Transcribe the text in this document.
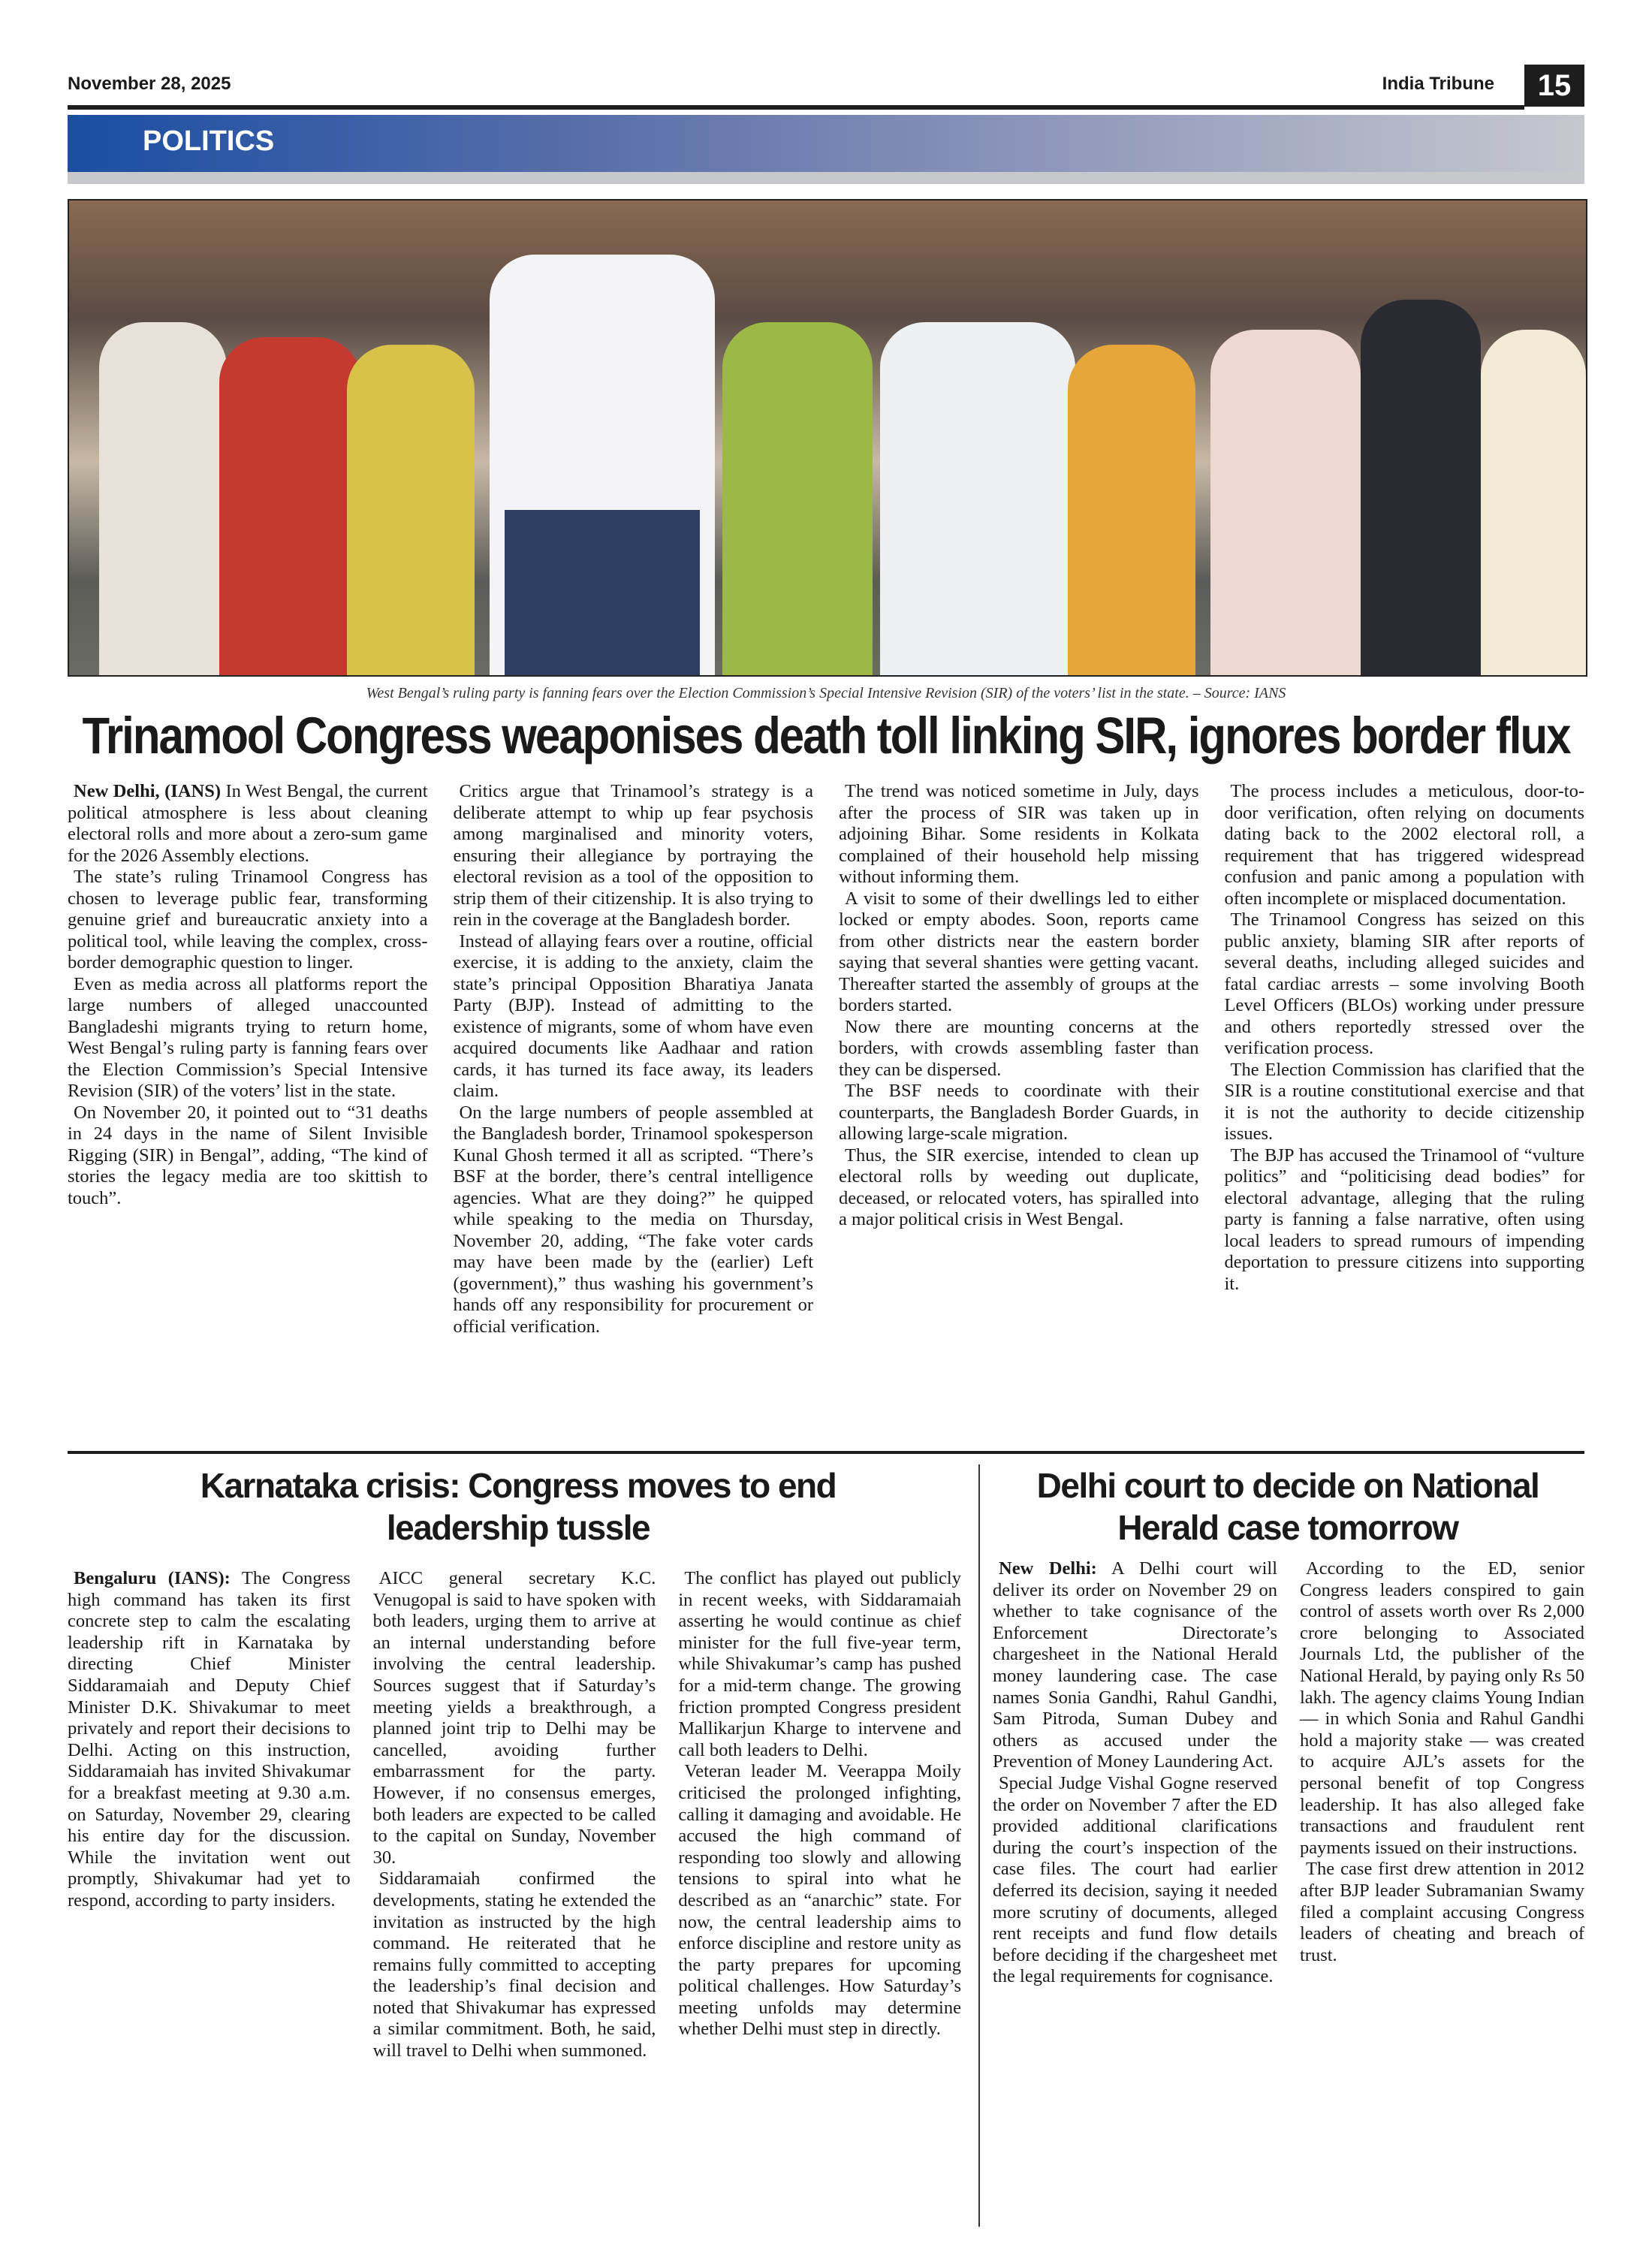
November 28, 2025	India Tribune	15
POLITICS
West Bengal’s ruling party is fanning fears over the Election Commission’s Special Intensive Revision (SIR) of the voters’ list in the state. – Source: IANS
Trinamool Congress weaponises death toll linking SIR, ignores border flux

New Delhi, (IANS) In West Bengal, the current political atmosphere is less about cleaning electoral rolls and more about a zero-sum game for the 2026 Assembly elections.

The state’s ruling Trinamool Congress has chosen to leverage public fear, transforming genuine grief and bureaucratic anxiety into a political tool, while leaving the complex, cross-border demographic question to linger.

Even as media across all platforms report the large numbers of alleged unaccounted Bangladeshi migrants trying to return home, West Bengal’s ruling party is fanning fears over the Election Commission’s Special Intensive Revision (SIR) of the voters’ list in the state.

On November 20, it pointed out to “31 deaths in 24 days in the name of Silent Invisible Rigging (SIR) in Bengal”, adding, “The kind of stories the legacy media are too skittish to touch”.

Critics argue that Trinamool’s strategy is a deliberate attempt to whip up fear psychosis among marginalised and minority voters, ensuring their allegiance by portraying the electoral revision as a tool of the opposition to strip them of their citizenship. It is also trying to rein in the coverage at the Bangladesh border.

Instead of allaying fears over a routine, official exercise, it is adding to the anxiety, claim the state’s principal Opposition Bharatiya Janata Party (BJP). Instead of admitting to the existence of migrants, some of whom have even acquired documents like Aadhaar and ration cards, it has turned its face away, its leaders claim.

On the large numbers of people assembled at the Bangladesh border, Trinamool spokesperson Kunal Ghosh termed it all as scripted. “There’s BSF at the border, there’s central intelligence agencies. What are they doing?” he quipped while speaking to the media on Thursday, November 20, adding, “The fake voter cards may have been made by the (earlier) Left (government),” thus washing his government’s hands off any responsibility for procurement or official verification.

The trend was noticed sometime in July, days after the process of SIR was taken up in adjoining Bihar. Some residents in Kolkata complained of their household help missing without informing them.

A visit to some of their dwellings led to either locked or empty abodes. Soon, reports came from other districts near the eastern border saying that several shanties were getting vacant. Thereafter started the assembly of groups at the borders started.

Now there are mounting concerns at the borders, with crowds assembling faster than they can be dispersed.

The BSF needs to coordinate with their counterparts, the Bangladesh Border Guards, in allowing large-scale migration.

Thus, the SIR exercise, intended to clean up electoral rolls by weeding out duplicate, deceased, or relocated voters, has spiralled into a major political crisis in West Bengal.

The process includes a meticulous, door-to-door verification, often relying on documents dating back to the 2002 electoral roll, a requirement that has triggered widespread confusion and panic among a population with often incomplete or misplaced documentation.

The Trinamool Congress has seized on this public anxiety, blaming SIR after reports of several deaths, including alleged suicides and fatal cardiac arrests – some involving Booth Level Officers (BLOs) working under pressure and others reportedly stressed over the verification process.

The Election Commission has clarified that the SIR is a routine constitutional exercise and that it is not the authority to decide citizenship issues.

The BJP has accused the Trinamool of “vulture politics” and “politicising dead bodies” for electoral advantage, alleging that the ruling party is fanning a false narrative, often using local leaders to spread rumours of impending deportation to pressure citizens into supporting it.

Karnataka crisis: Congress moves to end leadership tussle

Bengaluru (IANS): The Congress high command has taken its first concrete step to calm the escalating leadership rift in Karnataka by directing Chief Minister Siddaramaiah and Deputy Chief Minister D.K. Shivakumar to meet privately and report their decisions to Delhi. Acting on this instruction, Siddaramaiah has invited Shivakumar for a breakfast meeting at 9.30 a.m. on Saturday, November 29, clearing his entire day for the discussion. While the invitation went out promptly, Shivakumar had yet to respond, according to party insiders.

AICC general secretary K.C. Venugopal is said to have spoken with both leaders, urging them to arrive at an internal understanding before involving the central leadership. Sources suggest that if Saturday’s meeting yields a breakthrough, a planned joint trip to Delhi may be cancelled, avoiding further embarrassment for the party. However, if no consensus emerges, both leaders are expected to be called to the capital on Sunday, November 30.

Siddaramaiah confirmed the developments, stating he extended the invitation as instructed by the high command. He reiterated that he remains fully committed to accepting the leadership’s final decision and noted that Shivakumar has expressed a similar commitment. Both, he said, will travel to Delhi when summoned.

The conflict has played out publicly in recent weeks, with Siddaramaiah asserting he would continue as chief minister for the full five-year term, while Shivakumar’s camp has pushed for a mid-term change. The growing friction prompted Congress president Mallikarjun Kharge to intervene and call both leaders to Delhi.

Veteran leader M. Veerappa Moily criticised the prolonged infighting, calling it damaging and avoidable. He accused the high command of responding too slowly and allowing tensions to spiral into what he described as an “anarchic” state. For now, the central leadership aims to enforce discipline and restore unity as the party prepares for upcoming political challenges. How Saturday’s meeting unfolds may determine whether Delhi must step in directly.

Delhi court to decide on National Herald case tomorrow

New Delhi: A Delhi court will deliver its order on November 29 on whether to take cognisance of the Enforcement Directorate’s chargesheet in the National Herald money laundering case. The case names Sonia Gandhi, Rahul Gandhi, Sam Pitroda, Suman Dubey and others as accused under the Prevention of Money Laundering Act.

Special Judge Vishal Gogne reserved the order on November 7 after the ED provided additional clarifications during the court’s inspection of the case files. The court had earlier deferred its decision, saying it needed more scrutiny of documents, alleged rent receipts and fund flow details before deciding if the chargesheet met the legal requirements for cognisance.

According to the ED, senior Congress leaders conspired to gain control of assets worth over Rs 2,000 crore belonging to Associated Journals Ltd, the publisher of the National Herald, by paying only Rs 50 lakh. The agency claims Young Indian — in which Sonia and Rahul Gandhi hold a majority stake — was created to acquire AJL’s assets for the personal benefit of top Congress leadership. It has also alleged fake transactions and fraudulent rent payments issued on their instructions.

The case first drew attention in 2012 after BJP leader Subramanian Swamy filed a complaint accusing Congress leaders of cheating and breach of trust.
